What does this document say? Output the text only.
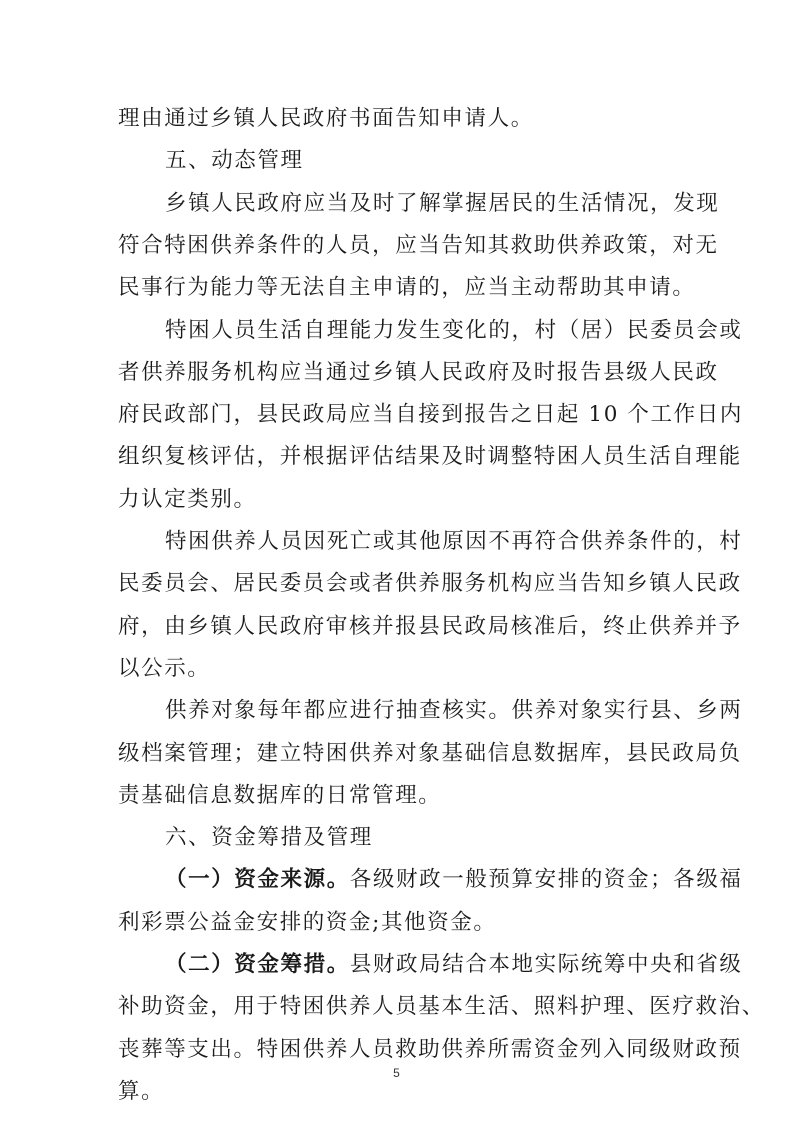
理由通过乡镇人民政府书面告知申请人。
五、动态管理
乡镇人民政府应当及时了解掌握居民的生活情况，发现
符合特困供养条件的人员，应当告知其救助供养政策，对无
民事行为能力等无法自主申请的，应当主动帮助其申请。
特困人员生活自理能力发生变化的，村（居）民委员会或
者供养服务机构应当通过乡镇人民政府及时报告县级人民政
府民政部门，县民政局应当自接到报告之日起 10 个工作日内
组织复核评估，并根据评估结果及时调整特困人员生活自理能
力认定类别。
特困供养人员因死亡或其他原因不再符合供养条件的，村
民委员会、居民委员会或者供养服务机构应当告知乡镇人民政
府，由乡镇人民政府审核并报县民政局核准后，终止供养并予
以公示。
供养对象每年都应进行抽查核实。供养对象实行县、乡两
级档案管理；建立特困供养对象基础信息数据库，县民政局负
责基础信息数据库的日常管理。
六、资金筹措及管理
（一）资金来源。各级财政一般预算安排的资金；各级福
利彩票公益金安排的资金;其他资金。
（二）资金筹措。县财政局结合本地实际统筹中央和省级
补助资金，用于特困供养人员基本生活、照料护理、医疗救治、
丧葬等支出。特困供养人员救助供养所需资金列入同级财政预
算。
5
